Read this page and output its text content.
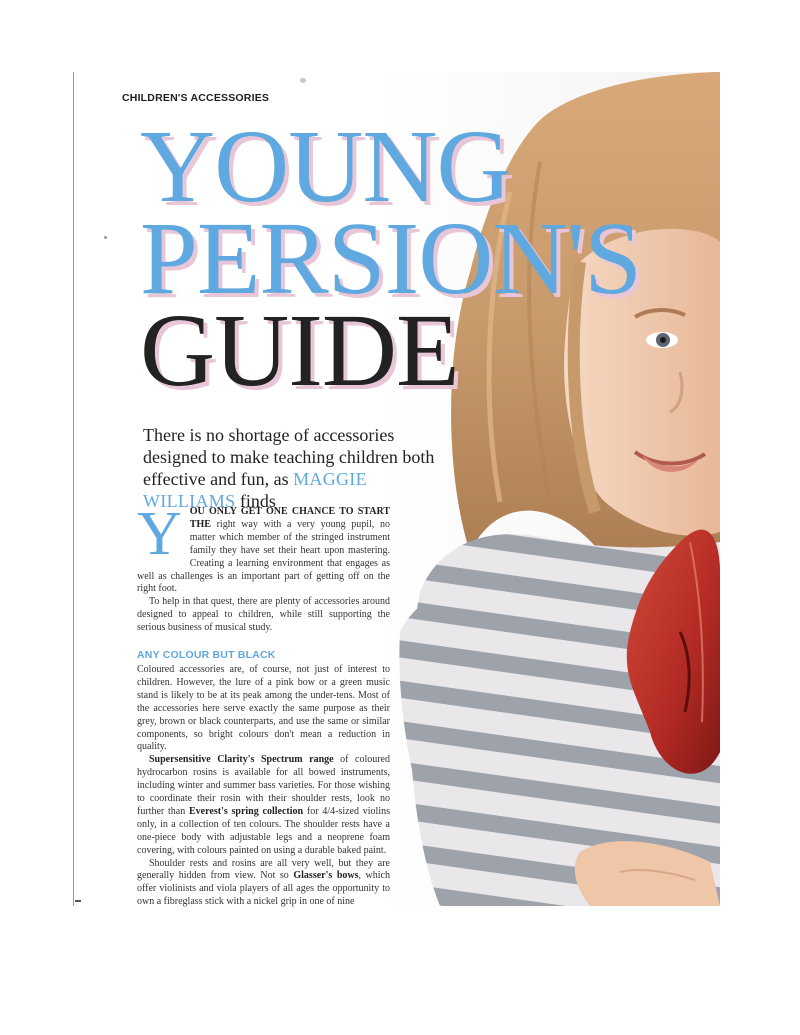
CHILDREN'S ACCESSORIES

YOUNG
PERSION'S
GUIDE

There is no shortage of accessories designed to make teaching children both effective and fun, as MAGGIE WILLIAMS finds

YOU ONLY GET ONE CHANCE TO START THE right way with a very young pupil, no matter which member of the stringed instrument family they have set their heart upon mastering. Creating a learning environment that engages as well as challenges is an important part of getting off on the right foot.

To help in that quest, there are plenty of accessories around designed to appeal to children, while still supporting the serious business of musical study.

ANY COLOUR BUT BLACK

Coloured accessories are, of course, not just of interest to children. However, the lure of a pink bow or a green music stand is likely to be at its peak among the under-tens. Most of the accessories here serve exactly the same purpose as their grey, brown or black counterparts, and use the same or similar components, so bright colours don't mean a reduction in quality.

Supersensitive Clarity's Spectrum range of coloured hydrocarbon rosins is available for all bowed instruments, including winter and summer bass varieties. For those wishing to coordinate their rosin with their shoulder rests, look no further than Everest's spring collection for 4/4-sized violins only, in a collection of ten colours. The shoulder rests have a one-piece body with adjustable legs and a neoprene foam covering, with colours painted on using a durable baked paint.

Shoulder rests and rosins are all very well, but they are generally hidden from view. Not so Glasser's bows, which offer violinists and viola players of all ages the opportunity to own a fibreglass stick with a nickel grip in one of nine
